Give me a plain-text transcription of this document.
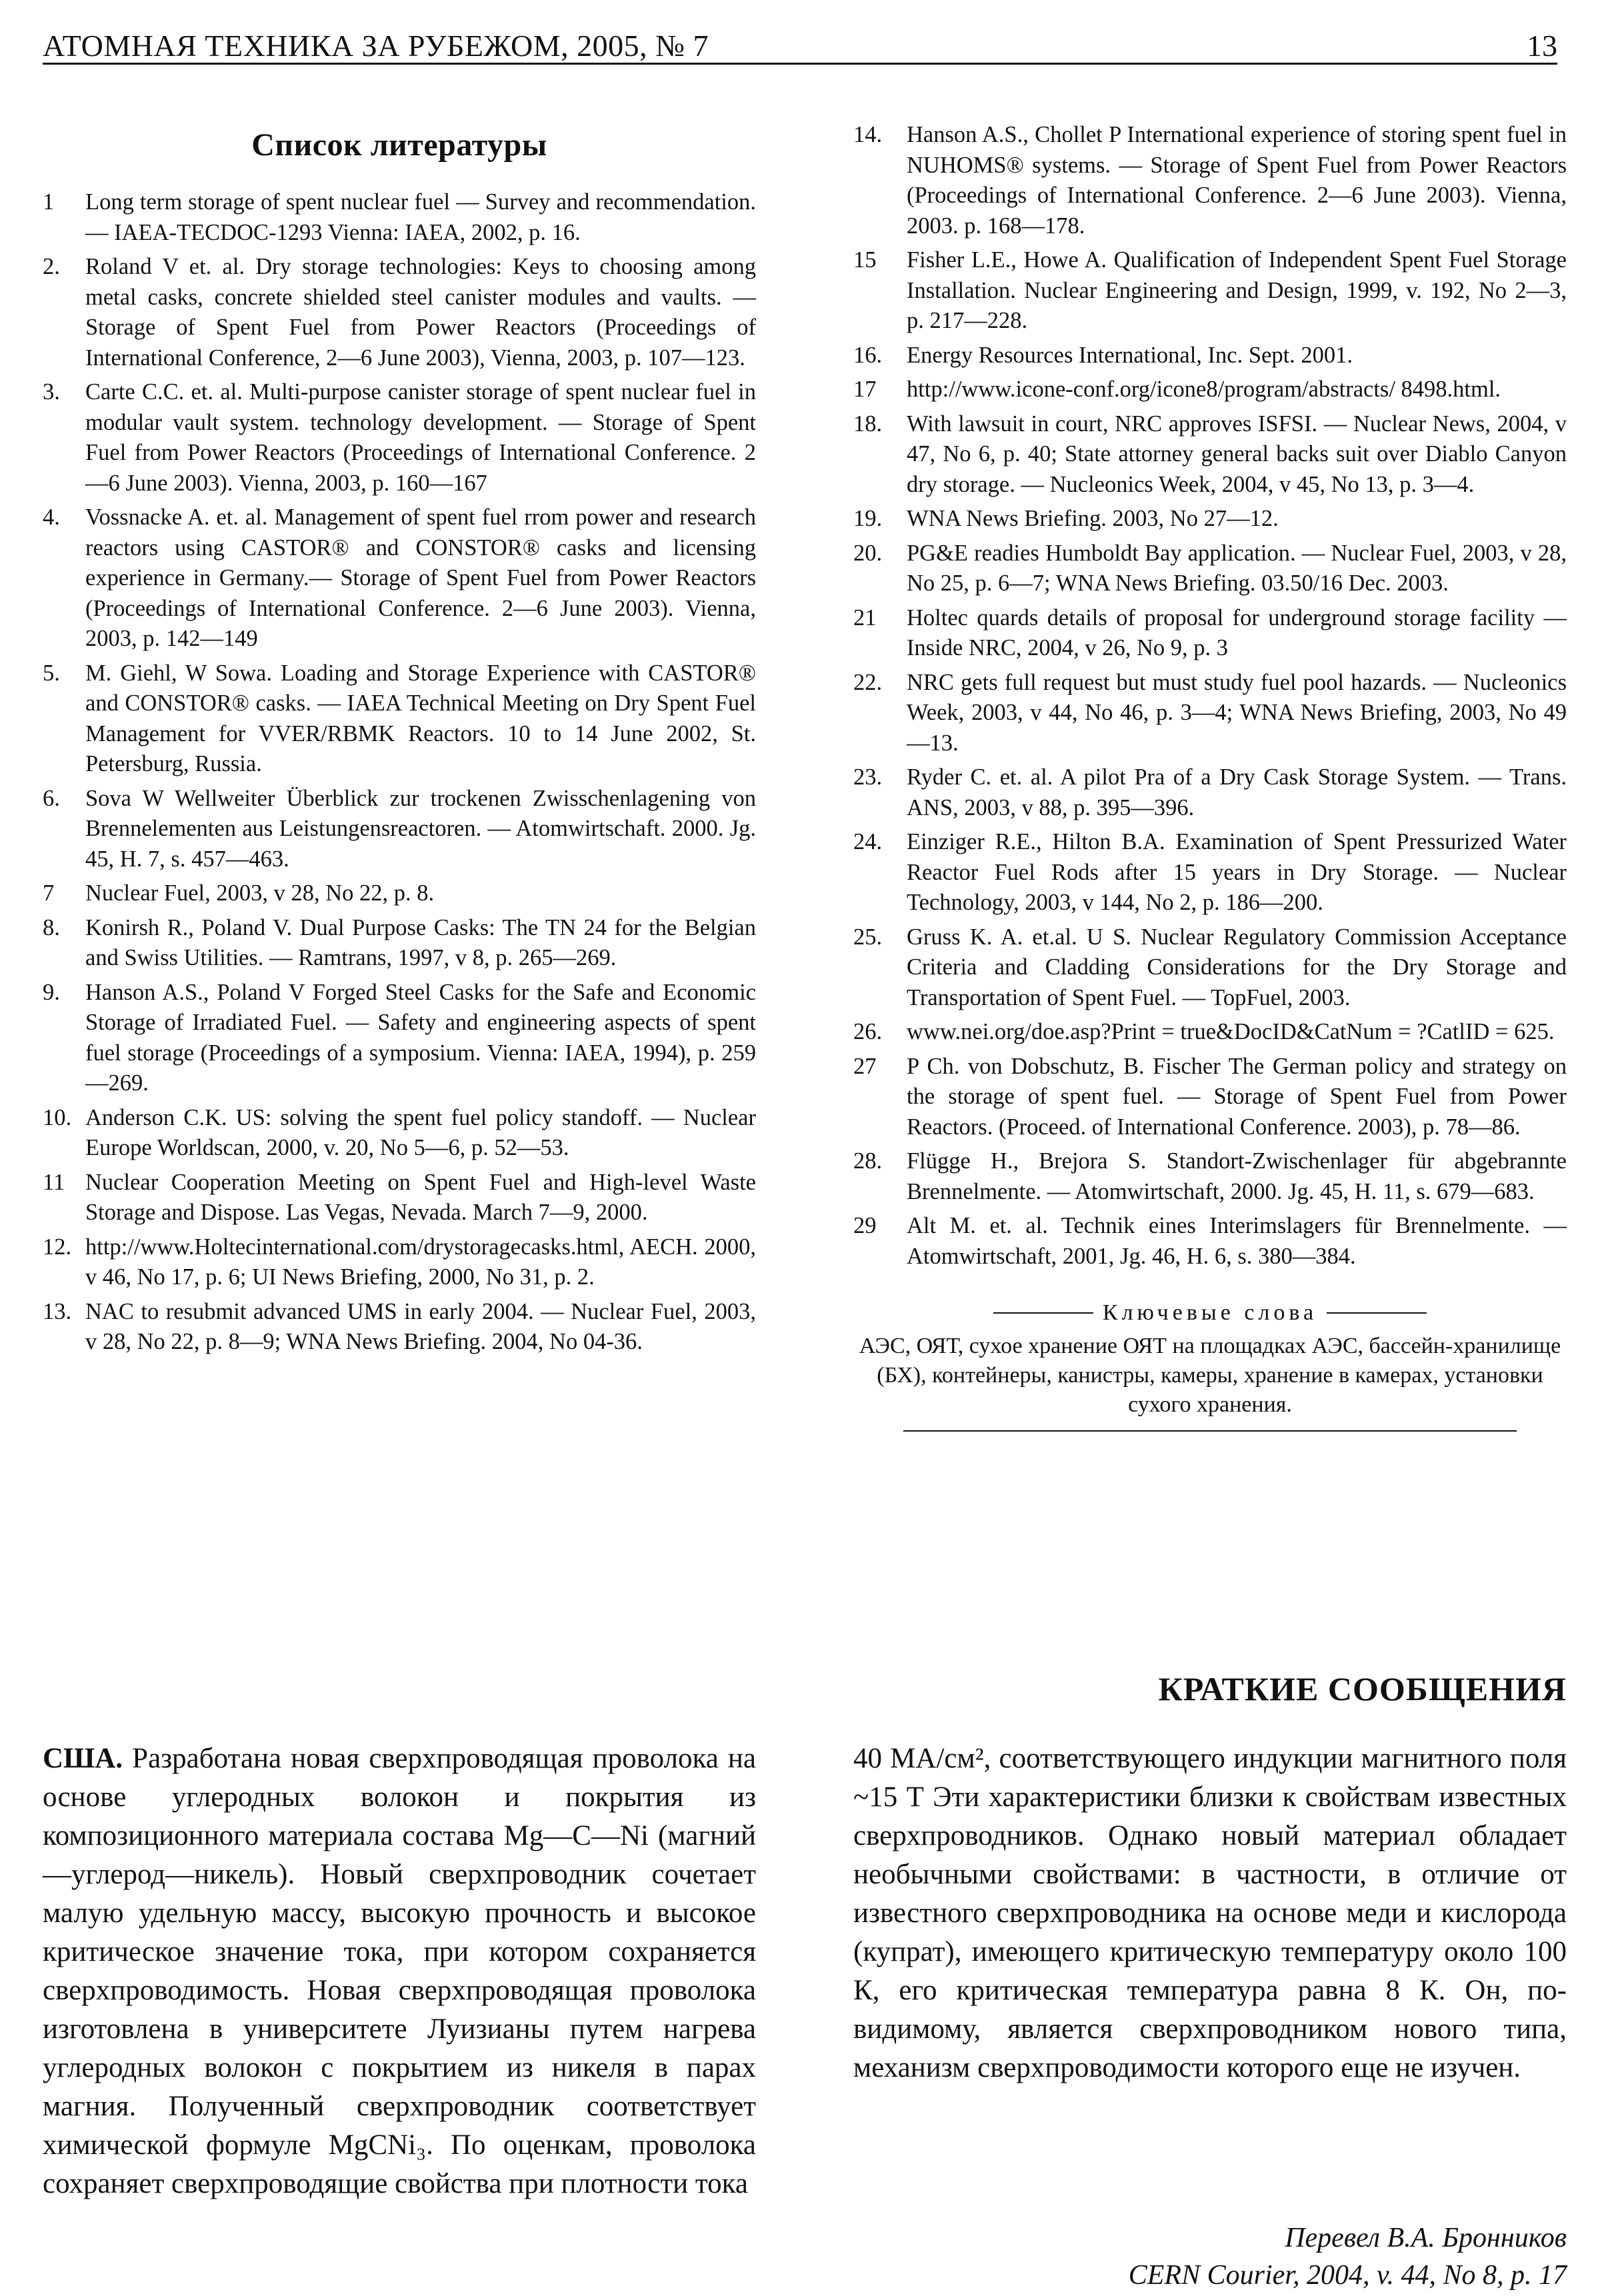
АТОМНАЯ ТЕХНИКА ЗА РУБЕЖОМ, 2005, № 7	13
Список литературы
1	Long term storage of spent nuclear fuel — Survey and recommendation. — IAEA-TECDOC-1293 Vienna: IAEA, 2002, p. 16.
2.	Roland V et. al. Dry storage technologies: Keys to choosing among metal casks, concrete shielded steel canister modules and vaults. — Storage of Spent Fuel from Power Reactors (Proceedings of International Conference, 2—6 June 2003), Vienna, 2003, p. 107—123.
3.	Carte C.C. et. al. Multi-purpose canister storage of spent nuclear fuel in modular vault system. technology development. — Storage of Spent Fuel from Power Reactors (Proceedings of International Conference. 2—6 June 2003). Vienna, 2003, p. 160—167
4.	Vossnacke A. et. al. Management of spent fuel rrom power and research reactors using CASTOR® and CONSTOR® casks and licensing experience in Germany.— Storage of Spent Fuel from Power Reactors (Proceedings of International Conference. 2—6 June 2003). Vienna, 2003, p. 142—149
5.	M. Giehl, W Sowa. Loading and Storage Experience with CASTOR® and CONSTOR® casks. — IAEA Technical Meeting on Dry Spent Fuel Management for VVER/RBMK Reactors. 10 to 14 June 2002, St. Petersburg, Russia.
6.	Sova W Wellweiter Überblick zur trockenen Zwisschenlagening von Brennelementen aus Leistungensreactoren. — Atomwirtschaft. 2000. Jg. 45, H. 7, s. 457—463.
7	Nuclear Fuel, 2003, v 28, No 22, p. 8.
8.	Konirsh R., Poland V. Dual Purpose Casks: The TN 24 for the Belgian and Swiss Utilities. — Ramtrans, 1997, v 8, p. 265—269.
9.	Hanson A.S., Poland V Forged Steel Casks for the Safe and Economic Storage of Irradiated Fuel. — Safety and engineering aspects of spent fuel storage (Proceedings of a symposium. Vienna: IAEA, 1994), p. 259—269.
10. Anderson C.K. US: solving the spent fuel policy standoff. — Nuclear Europe Worldscan, 2000, v. 20, No 5—6, p. 52—53.
11 Nuclear Cooperation Meeting on Spent Fuel and High-level Waste Storage and Dispose. Las Vegas, Nevada. March 7—9, 2000.
12. http://www.Holtecinternational.com/drystoragecasks.html, AECH. 2000, v 46, No 17, p. 6; UI News Briefing, 2000, No 31, p. 2.
13. NAC to resubmit advanced UMS in early 2004. — Nuclear Fuel, 2003, v 28, No 22, p. 8—9; WNA News Briefing. 2004, No 04-36.
14.	Hanson A.S., Chollet P International experience of storing spent fuel in NUHOMS® systems. — Storage of Spent Fuel from Power Reactors (Proceedings of International Conference. 2—6 June 2003). Vienna, 2003. p. 168—178.
15	Fisher L.E., Howe A. Qualification of Independent Spent Fuel Storage Installation. Nuclear Engineering and Design, 1999, v. 192, No 2—3, p. 217—228.
16.	Energy Resources International, Inc. Sept. 2001.
17	http://www.icone-conf.org/icone8/program/abstracts/ 8498.html.
18.	With lawsuit in court, NRC approves ISFSI. — Nuclear News, 2004, v 47, No 6, p. 40; State attorney general backs suit over Diablo Canyon dry storage. — Nucleonics Week, 2004, v 45, No 13, p. 3—4.
19.	WNA News Briefing. 2003, No 27—12.
20.	PG&E readies Humboldt Bay application. — Nuclear Fuel, 2003, v 28, No 25, p. 6—7; WNA News Briefing. 03.50/16 Dec. 2003.
21	Holtec quards details of proposal for underground storage facility — Inside NRC, 2004, v 26, No 9, p. 3
22.	NRC gets full request but must study fuel pool hazards. — Nucleonics Week, 2003, v 44, No 46, p. 3—4; WNA News Briefing, 2003, No 49—13.
23.	Ryder C. et. al. A pilot Pra of a Dry Cask Storage System. — Trans. ANS, 2003, v 88, p. 395—396.
24.	Einziger R.E., Hilton B.A. Examination of Spent Pressurized Water Reactor Fuel Rods after 15 years in Dry Storage. — Nuclear Technology, 2003, v 144, No 2, p. 186—200.
25.	Gruss K. A. et.al. U S. Nuclear Regulatory Commission Acceptance Criteria and Cladding Considerations for the Dry Storage and Transportation of Spent Fuel. — TopFuel, 2003.
26.	www.nei.org/doe.asp?Print = true&DocID&CatNum = ?CatlID = 625.
27	P Ch. von Dobschutz, B. Fischer The German policy and strategy on the storage of spent fuel. — Storage of Spent Fuel from Power Reactors. (Proceed. of International Conference. 2003), p. 78—86.
28.	Flügge H., Brejora S. Standort-Zwischenlager für abgebrannte Brennelmente. — Atomwirtschaft, 2000. Jg. 45, H. 11, s. 679—683.
29	Alt M. et. al. Technik eines Interimslagers für Brennelmente. — Atomwirtschaft, 2001, Jg. 46, H. 6, s. 380—384.
Ключевые слова
АЭС, ОЯТ, сухое хранение ОЯТ на площадках АЭС, бассейн-хранилище (БХ), контейнеры, канистры, камеры, хранение в камерах, установки сухого хранения.
КРАТКИЕ СООБЩЕНИЯ
США. Разработана новая сверхпроводящая проволока на основе углеродных волокон и покрытия из композиционного материала состава Mg—C—Ni (магний—углерод—никель). Новый сверхпроводник сочетает малую удельную массу, высокую прочность и высокое критическое значение тока, при котором сохраняется сверхпроводимость. Новая сверхпроводящая проволока изготовлена в университете Луизианы путем нагрева углеродных волокон с покрытием из никеля в парах магния. Полученный сверхпроводник соответствует химической формуле MgCNi₃. По оценкам, проволока сохраняет сверхпроводящие свойства при плотности тока
40 МА/см², соответствующего индукции магнитного поля ~15 Т Эти характеристики близки к свойствам известных сверхпроводников. Однако новый материал обладает необычными свойствами: в частности, в отличие от известного сверхпроводника на основе меди и кислорода (купрат), имеющего критическую температуру около 100 К, его критическая температура равна 8 К. Он, по-видимому, является сверхпроводником нового типа, механизм сверхпроводимости которого еще не изучен.
Перевел В.А. Бронников
CERN Courier, 2004, v. 44, No 8, p. 17
